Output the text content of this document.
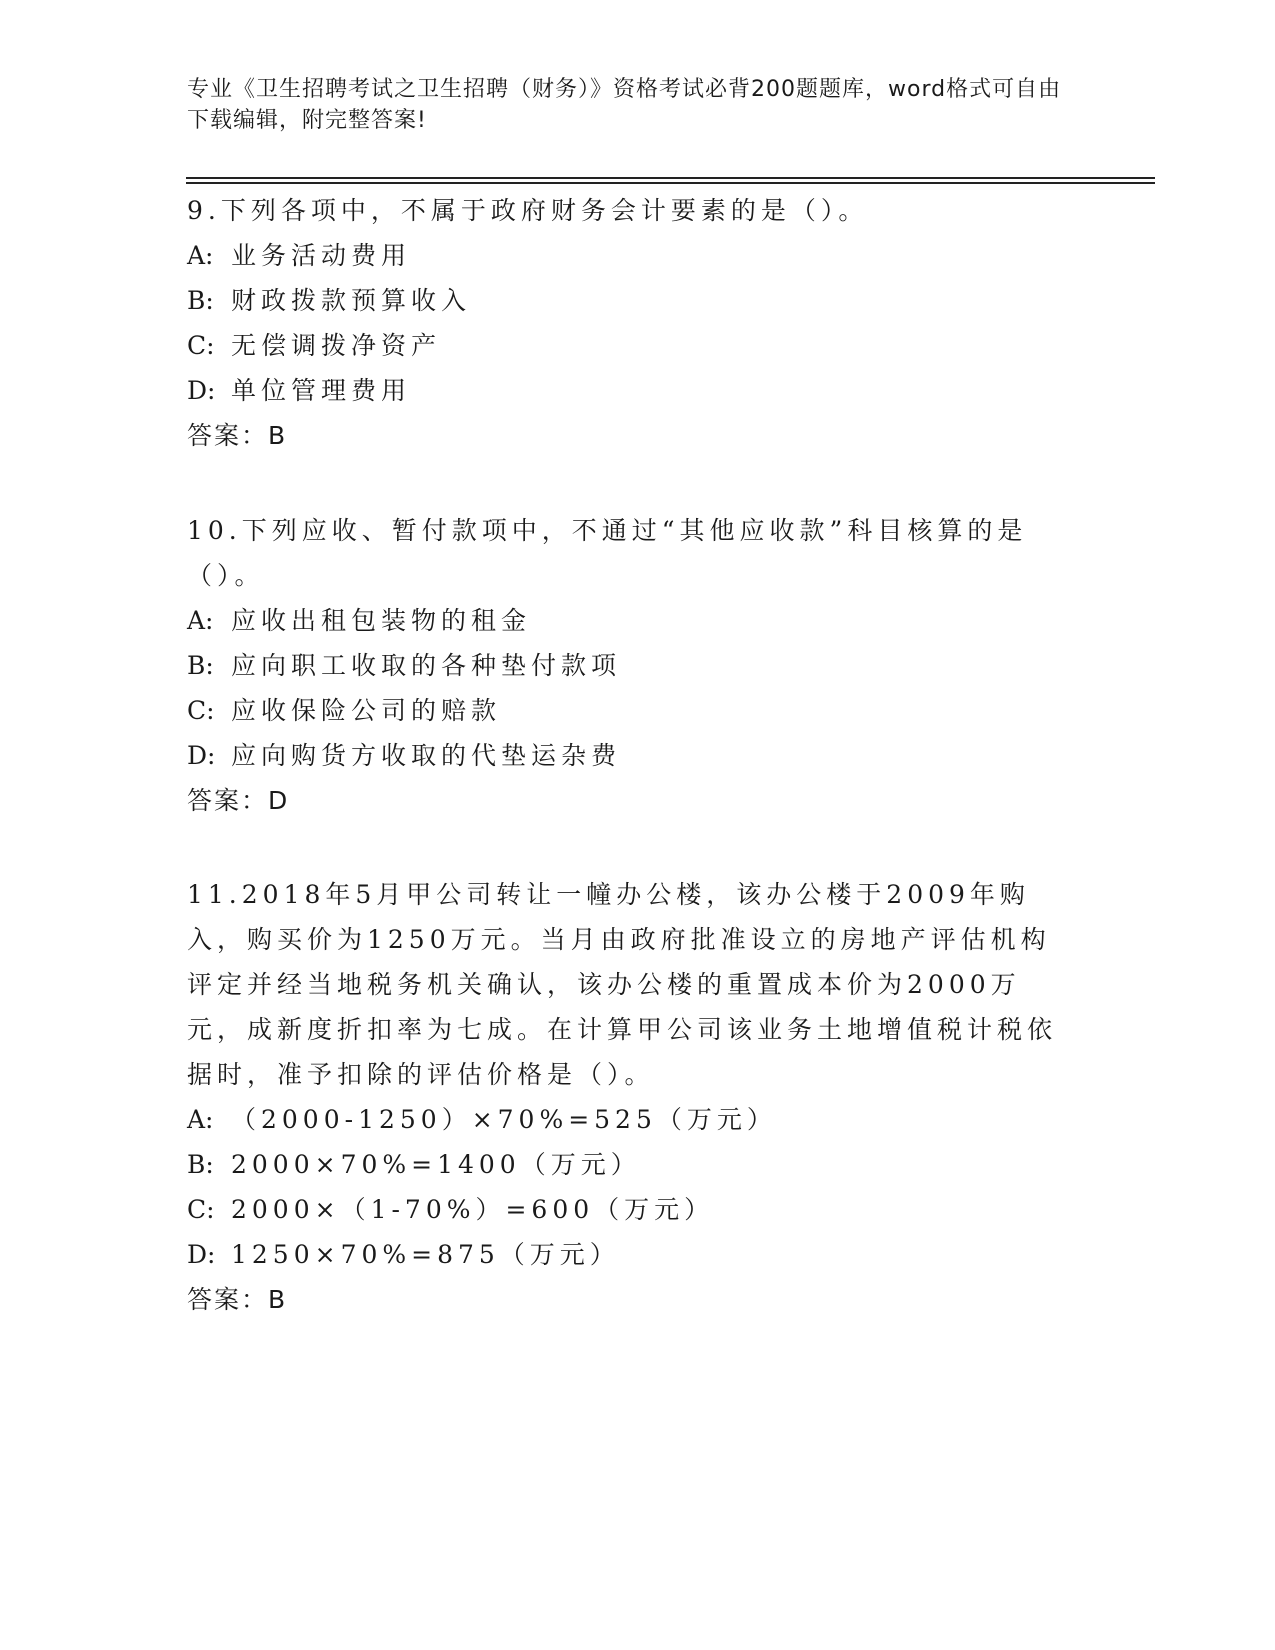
专业《卫生招聘考试之卫生招聘（财务）》资格考试必背200题题库，word格式可自由下载编辑，附完整答案!

9.下列各项中，不属于政府财务会计要素的是（）。

A: 业务活动费用

B: 财政拨款预算收入

C: 无偿调拨净资产

D: 单位管理费用

答案：B

10.下列应收、暂付款项中，不通过“其他应收款”科目核算的是（）。

A: 应收出租包装物的租金

B: 应向职工收取的各种垫付款项

C: 应收保险公司的赔款

D: 应向购货方收取的代垫运杂费

答案：D

11.2018年5月甲公司转让一幢办公楼，该办公楼于2009年购入，购买价为1250万元。当月由政府批准设立的房地产评估机构评定并经当地税务机关确认，该办公楼的重置成本价为2000万元，成新度折扣率为七成。在计算甲公司该业务土地增值税计税依据时，准予扣除的评估价格是（）。

A: （2000-1250）×70%=525（万元）

B: 2000×70%=1400（万元）

C: 2000×（1-70%）=600（万元）

D: 1250×70%=875（万元）

答案：B
